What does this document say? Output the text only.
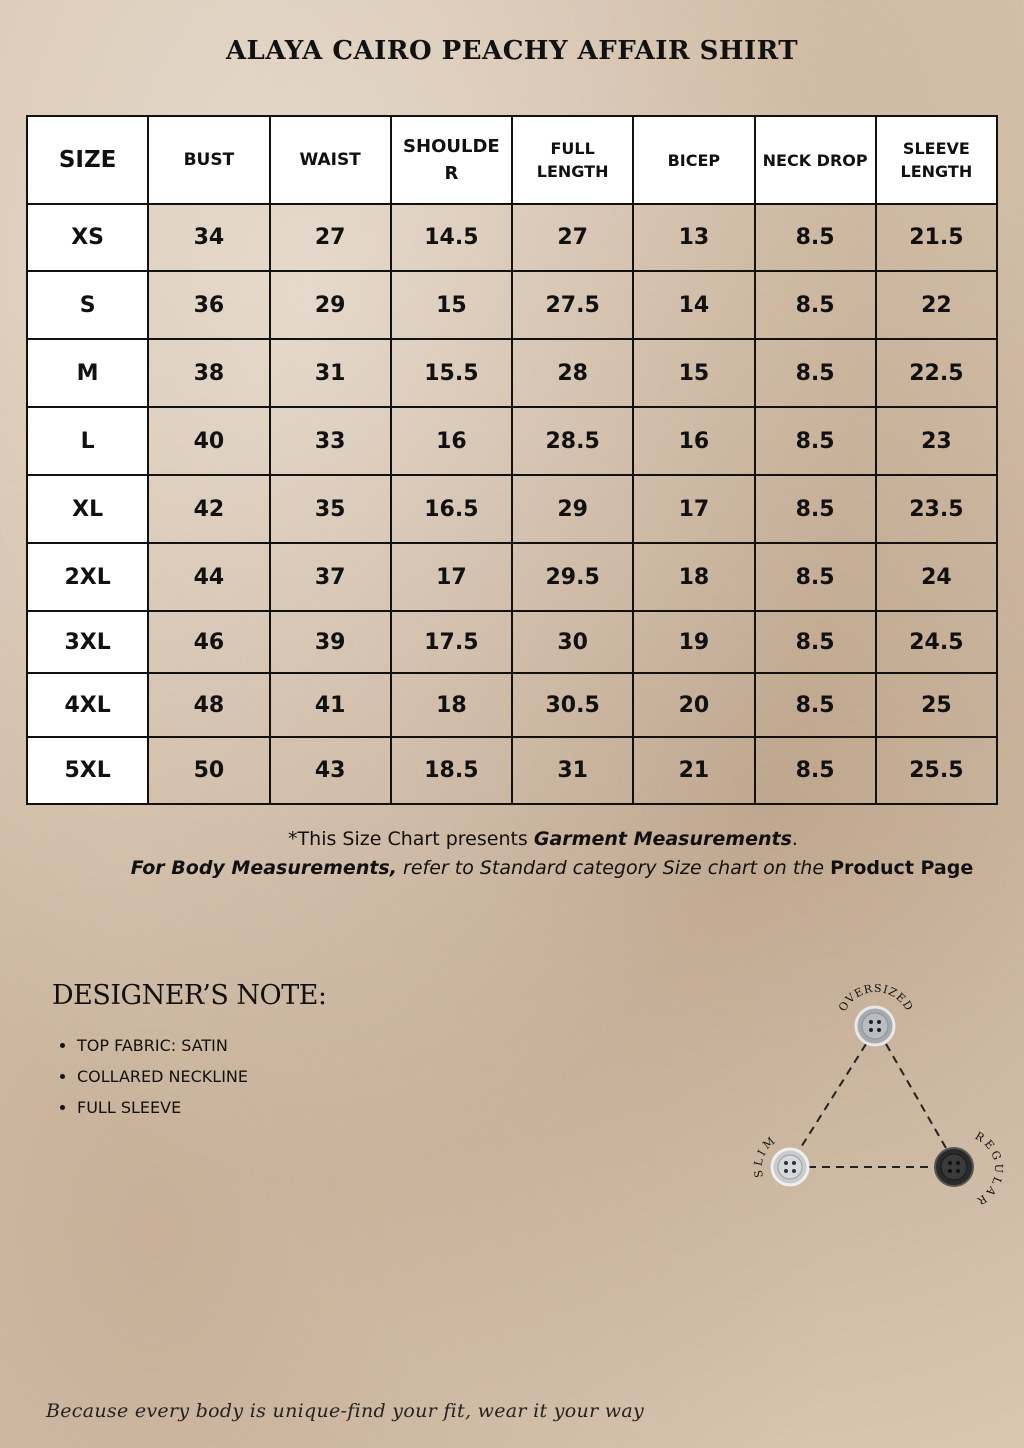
ALAYA CAIRO PEACHY AFFAIR SHIRT
SIZE	BUST	WAIST	SHOULDER	FULL LENGTH	BICEP	NECK DROP	SLEEVE LENGTH

XS	34	27	14.5	27	13	8.5	21.5
S	36	29	15	27.5	14	8.5	22
M	38	31	15.5	28	15	8.5	22.5
L	40	33	16	28.5	16	8.5	23
XL	42	35	16.5	29	17	8.5	23.5
2XL	44	37	17	29.5	18	8.5	24
3XL	46	39	17.5	30	19	8.5	24.5
4XL	48	41	18	30.5	20	8.5	25
5XL	50	43	18.5	31	21	8.5	25.5
*This Size Chart presents Garment Measurements.
For Body Measurements, refer to Standard category Size chart on the Product Page
DESIGNER’S NOTE:
• TOP FABRIC: SATIN
• COLLARED NECKLINE
• FULL SLEEVE
OVERSIZED
SLIM	REGULAR
Because every body is unique-find your fit, wear it your way
